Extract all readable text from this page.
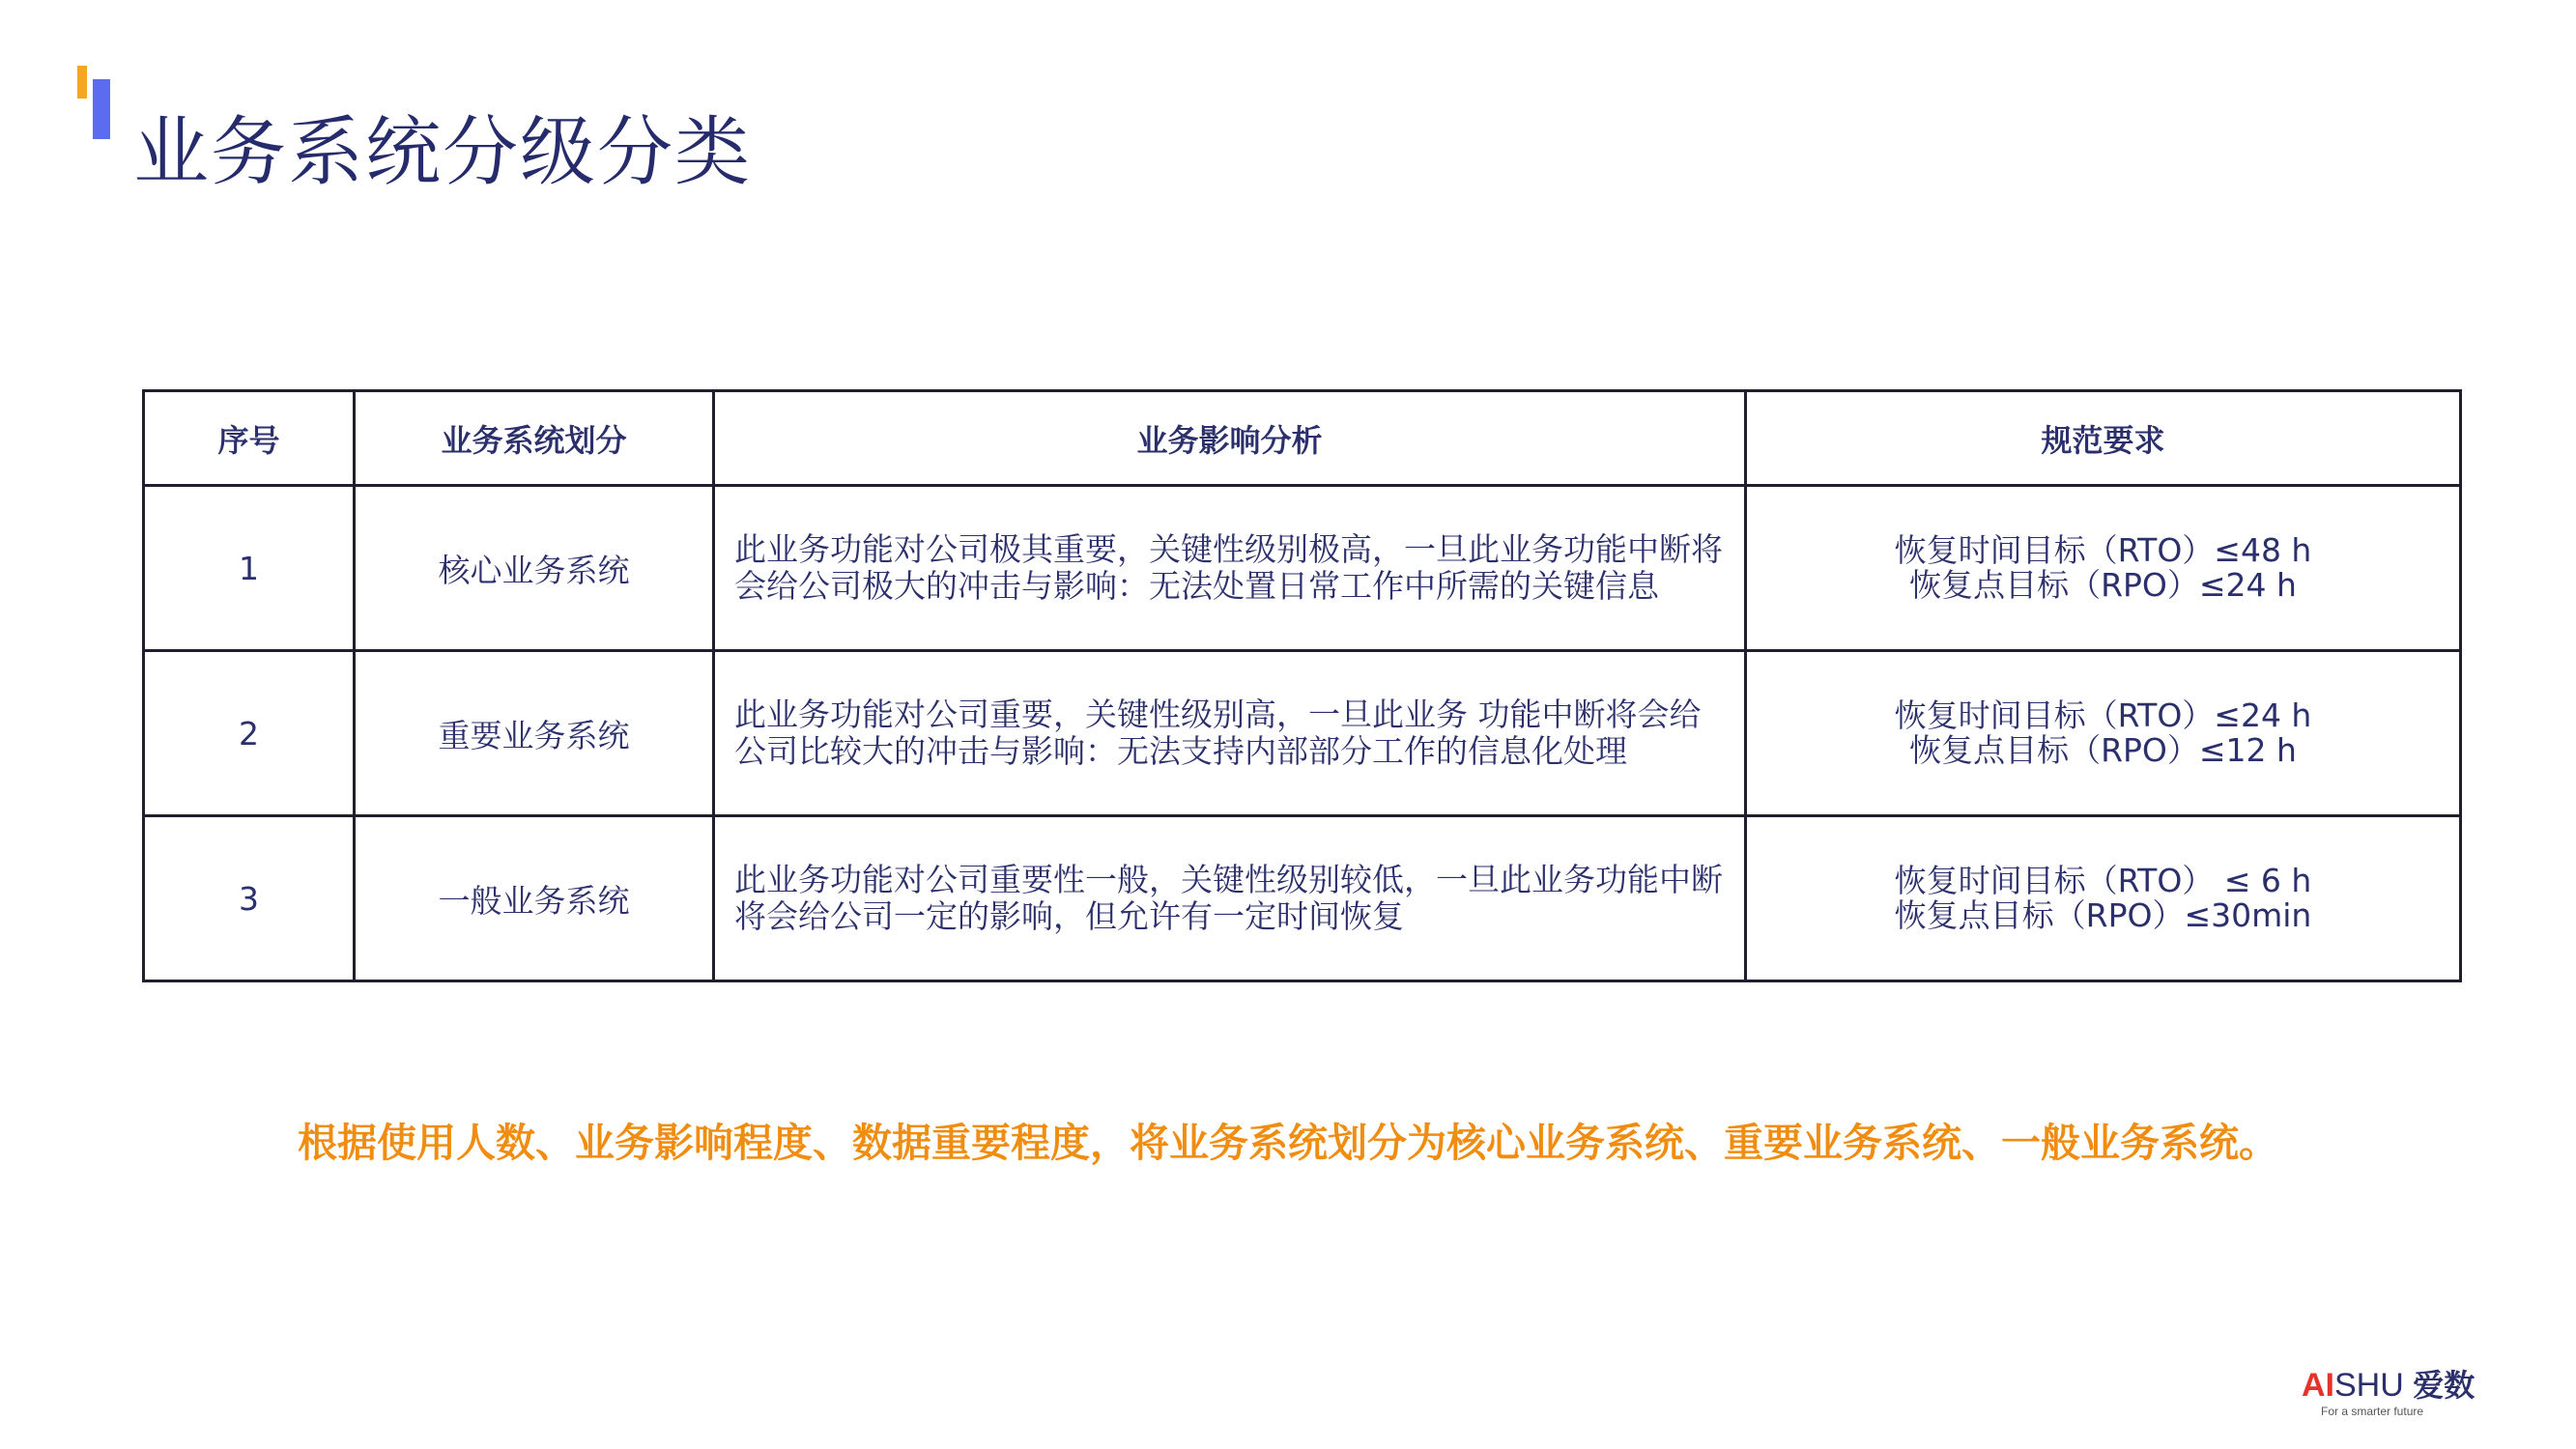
业务系统分级分类
序号	业务系统划分	业务影响分析	规范要求
1	核心业务系统	此业务功能对公司极其重要，关键性级别极高，一旦此业务功能中断将会给公司极大的冲击与影响：无法处置日常工作中所需的关键信息	恢复时间目标（RTO）≤48 h
恢复点目标（RPO）≤24 h

2	重要业务系统	此业务功能对公司重要，关键性级别高，一旦此业务 功能中断将会给公司比较大的冲击与影响：无法支持内部部分工作的信息化处理	恢复时间目标（RTO）≤24 h
恢复点目标（RPO）≤12 h

3	一般业务系统	此业务功能对公司重要性一般，关键性级别较低，一旦此业务功能中断将会给公司一定的影响，但允许有一定时间恢复	恢复时间目标（RTO） ≤ 6 h
恢复点目标（RPO）≤30min
根据使用人数、业务影响程度、数据重要程度，将业务系统划分为核心业务系统、重要业务系统、一般业务系统。
AISHU 爱数
For a smarter future
